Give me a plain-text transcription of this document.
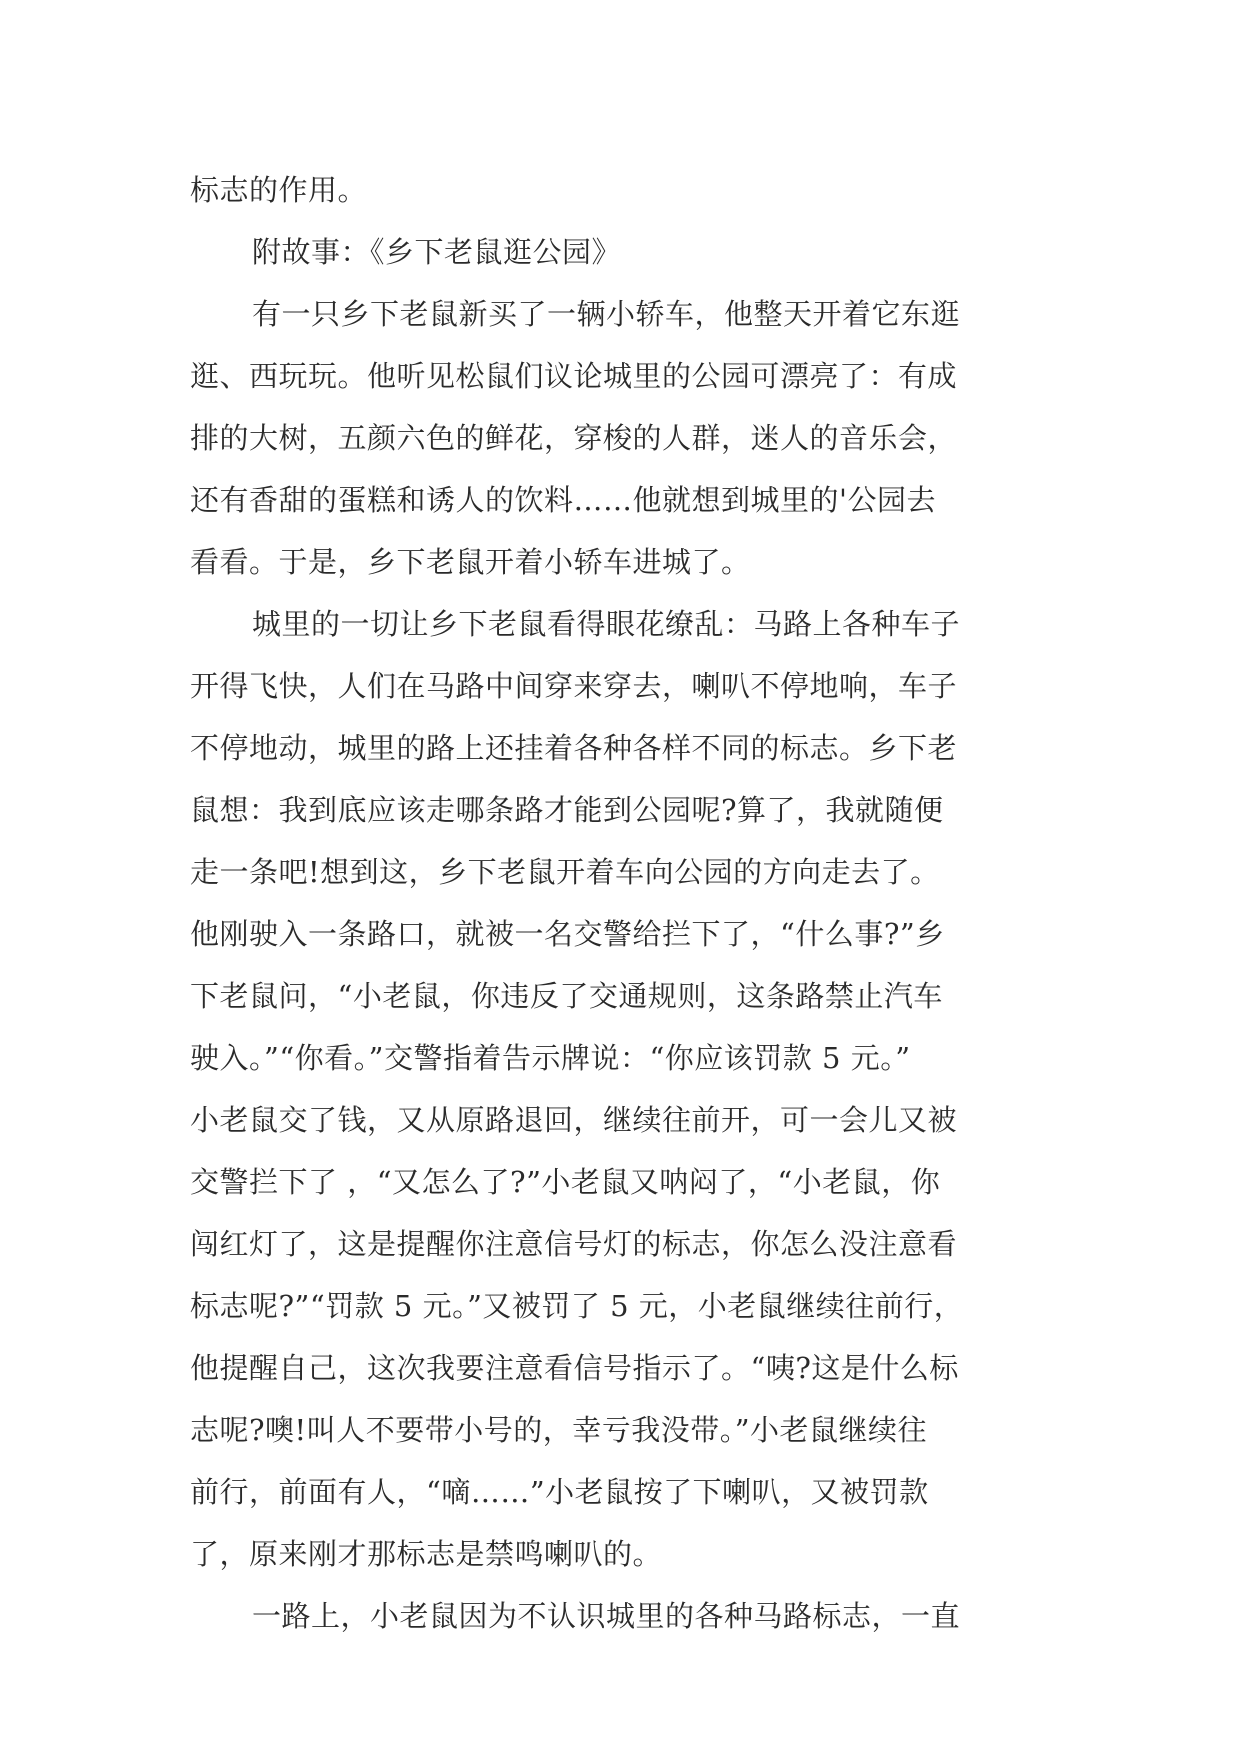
标志的作用。
附故事：《乡下老鼠逛公园》
有一只乡下老鼠新买了一辆小轿车，他整天开着它东逛
逛、西玩玩。他听见松鼠们议论城里的公园可漂亮了：有成
排的大树，五颜六色的鲜花，穿梭的人群，迷人的音乐会，
还有香甜的蛋糕和诱人的饮料……他就想到城里的'公园去
看看。于是，乡下老鼠开着小轿车进城了。
城里的一切让乡下老鼠看得眼花缭乱：马路上各种车子
开得飞快，人们在马路中间穿来穿去，喇叭不停地响，车子
不停地动，城里的路上还挂着各种各样不同的标志。乡下老
鼠想：我到底应该走哪条路才能到公园呢?算了，我就随便
走一条吧!想到这，乡下老鼠开着车向公园的方向走去了。
他刚驶入一条路口，就被一名交警给拦下了，“什么事?”乡
下老鼠问，“小老鼠，你违反了交通规则，这条路禁止汽车
驶入。”“你看。”交警指着告示牌说：“你应该罚款 5 元。”
小老鼠交了钱，又从原路退回，继续往前开，可一会儿又被
交警拦下了 ，“又怎么了?”小老鼠又呐闷了，“小老鼠，你
闯红灯了，这是提醒你注意信号灯的标志，你怎么没注意看
标志呢?”“罚款 5 元。”又被罚了 5 元，小老鼠继续往前行，
他提醒自己，这次我要注意看信号指示了。“咦?这是什么标
志呢?噢!叫人不要带小号的，幸亏我没带。”小老鼠继续往
前行，前面有人，“嘀……”小老鼠按了下喇叭，又被罚款
了，原来刚才那标志是禁鸣喇叭的。
一路上，小老鼠因为不认识城里的各种马路标志，一直
